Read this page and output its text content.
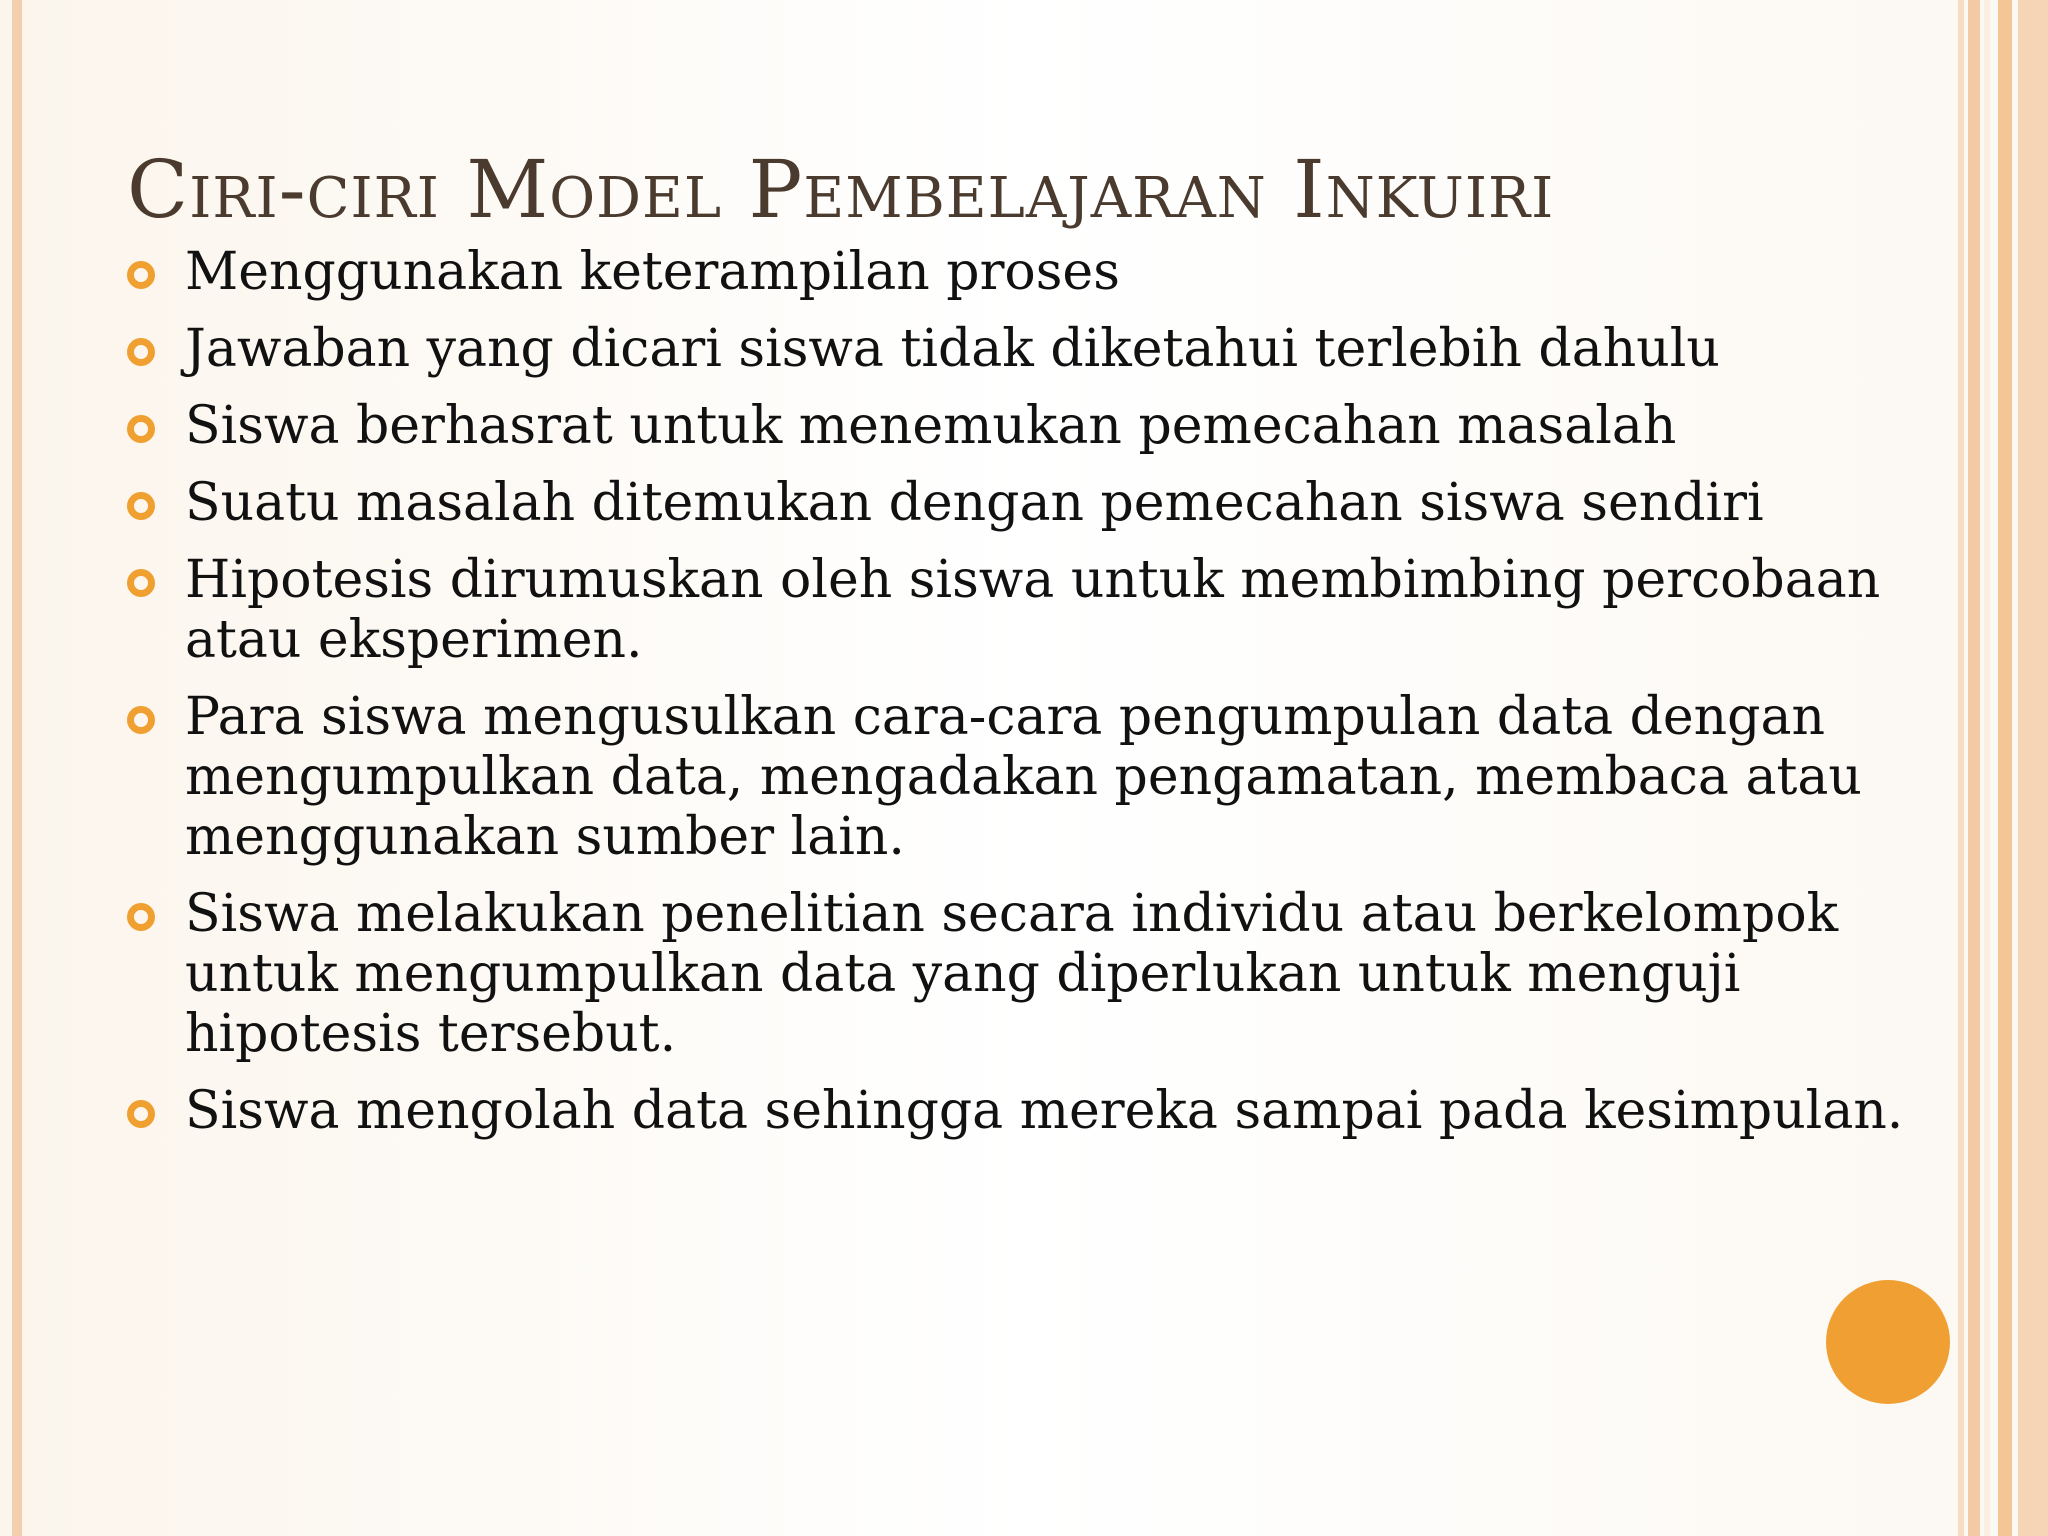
Ciri-ciri Model Pembelajaran Inkuiri
Menggunakan keterampilan proses
Jawaban yang dicari siswa tidak diketahui terlebih dahulu
Siswa berhasrat untuk menemukan pemecahan masalah
Suatu masalah ditemukan dengan pemecahan siswa sendiri
Hipotesis dirumuskan oleh siswa untuk membimbing percobaan atau eksperimen.
Para siswa mengusulkan cara-cara pengumpulan data dengan mengumpulkan data, mengadakan pengamatan, membaca atau menggunakan sumber lain.
Siswa melakukan penelitian secara individu atau berkelompok untuk mengumpulkan data yang diperlukan untuk menguji hipotesis tersebut.
Siswa mengolah data sehingga mereka sampai pada kesimpulan.
